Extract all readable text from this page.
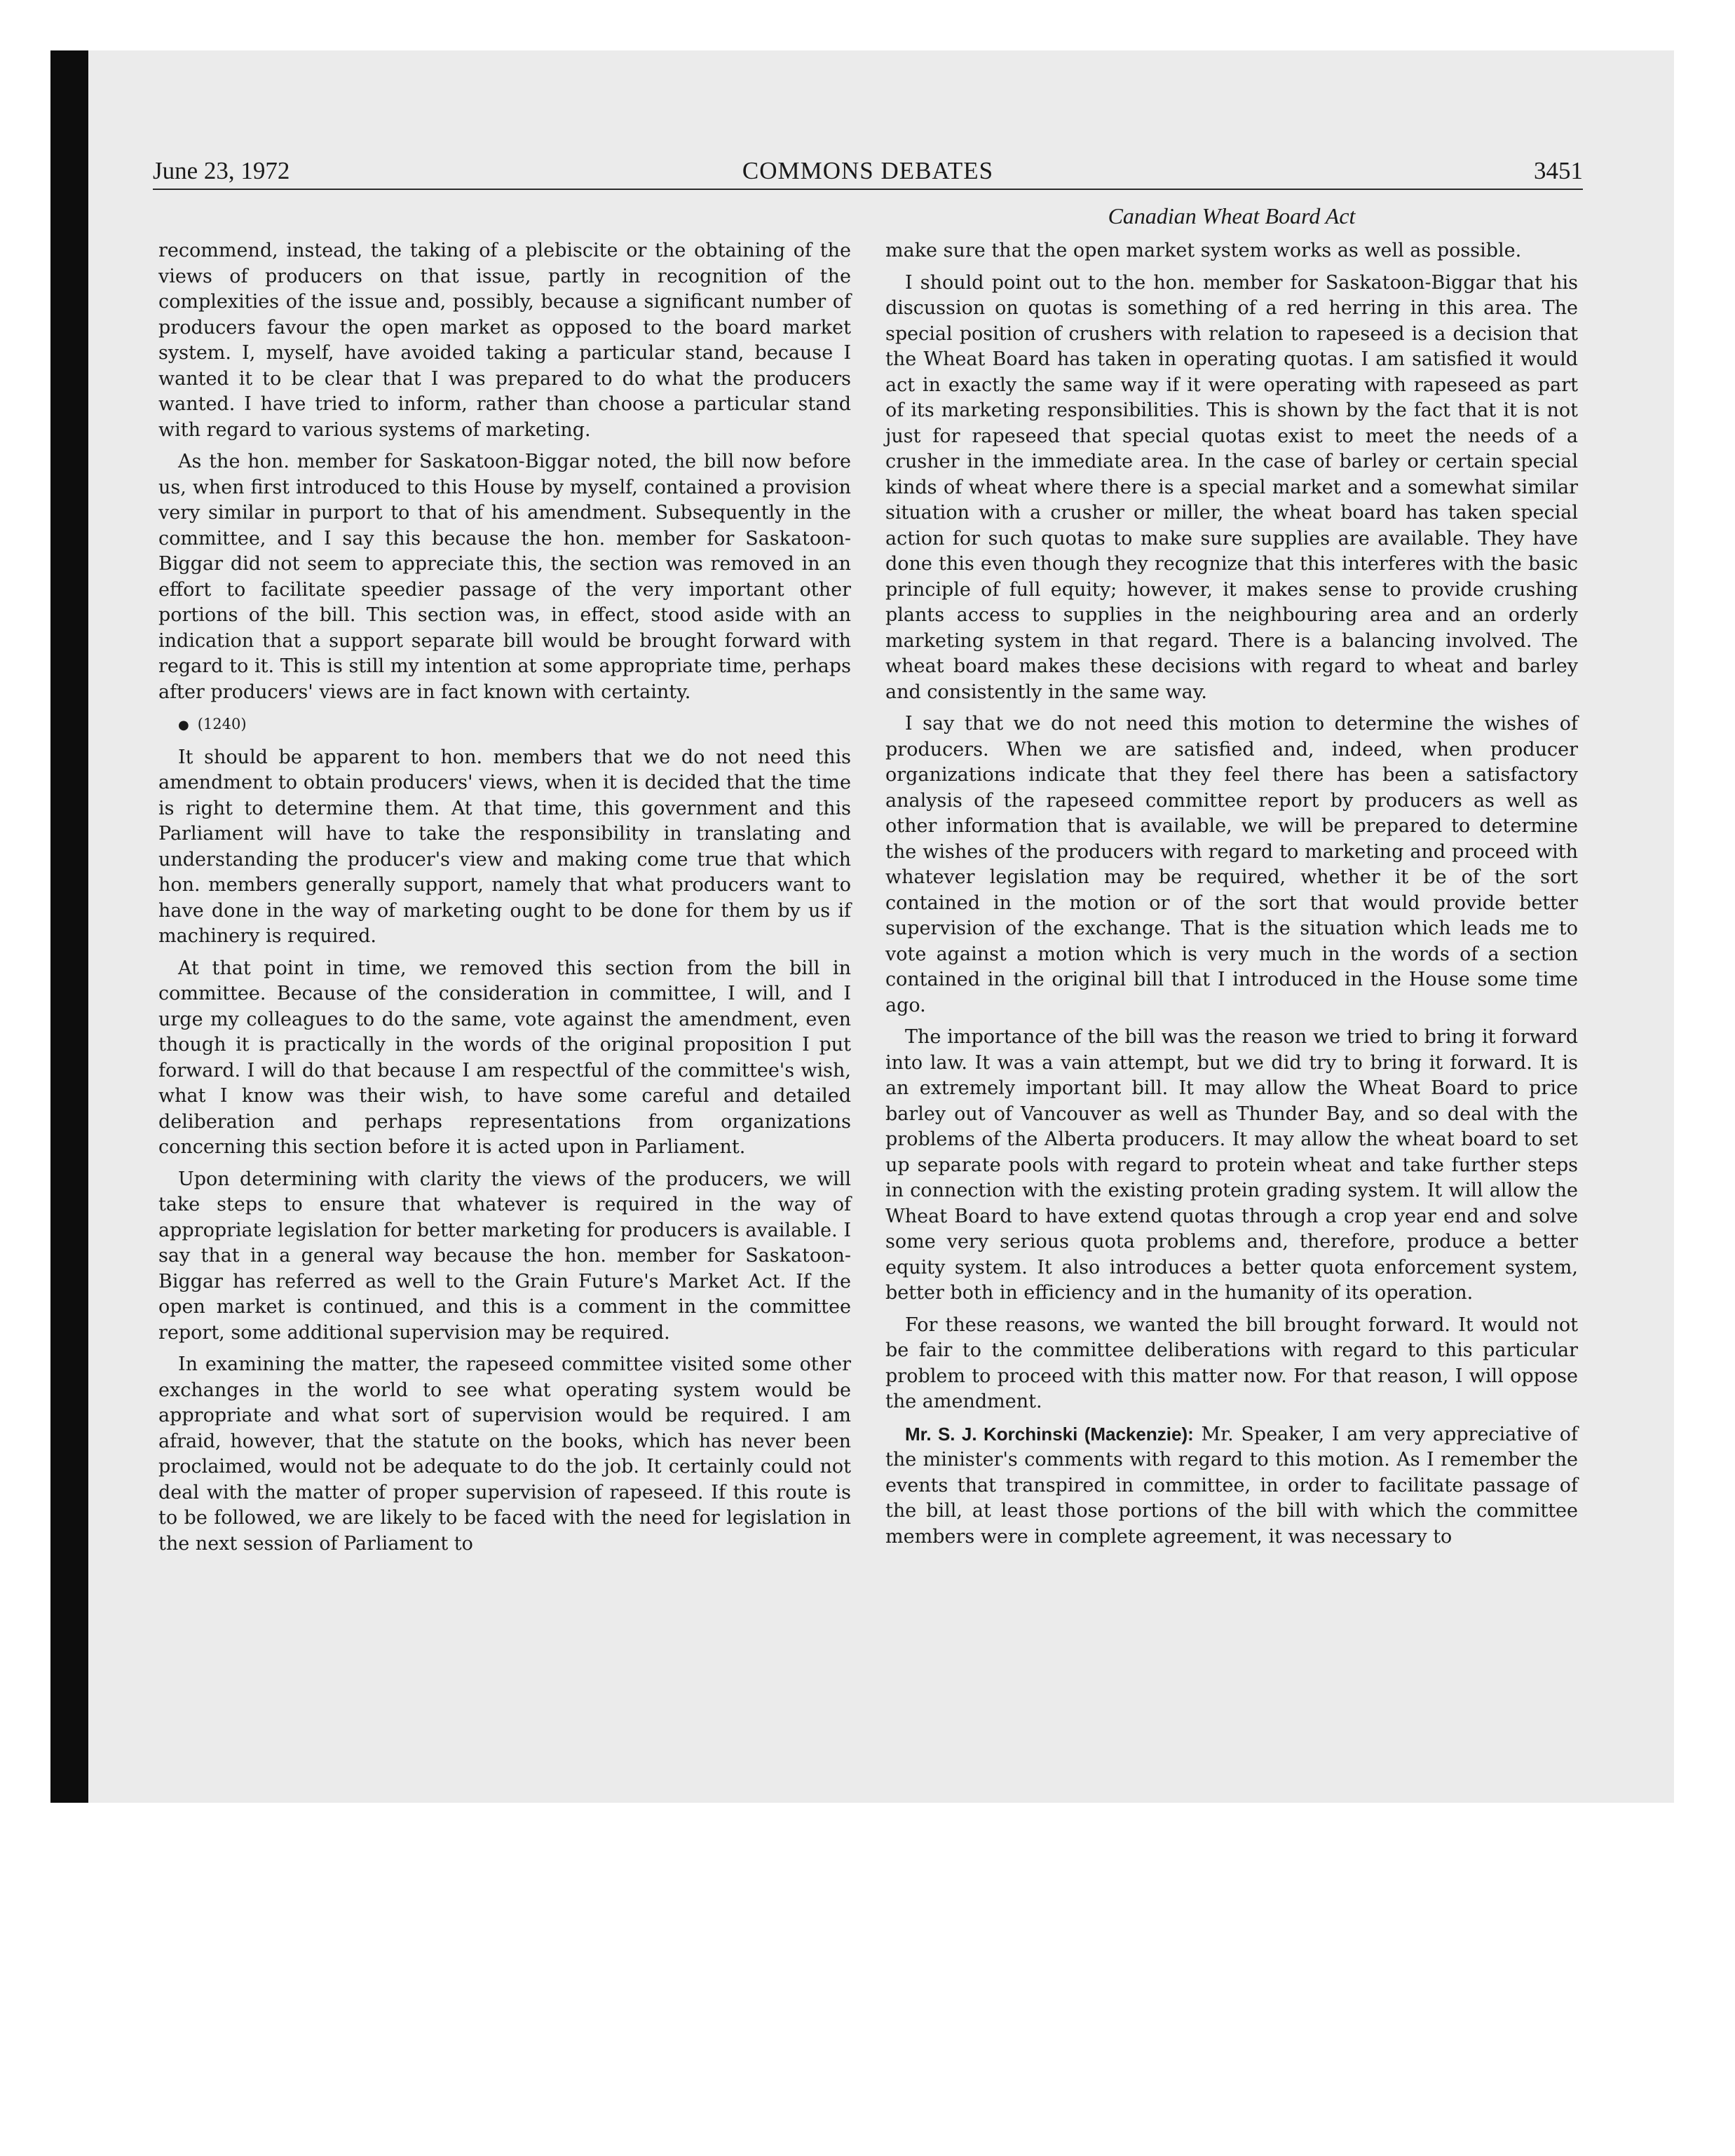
June 23, 1972	COMMONS DEBATES	3451
Canadian Wheat Board Act

recommend, instead, the taking of a plebiscite or the obtaining of the views of producers on that issue, partly in recognition of the complexities of the issue and, possibly, because a significant number of producers favour the open market as opposed to the board market system. I, myself, have avoided taking a particular stand, because I wanted it to be clear that I was prepared to do what the producers wanted. I have tried to inform, rather than choose a particular stand with regard to various systems of marketing.

As the hon. member for Saskatoon-Biggar noted, the bill now before us, when first introduced to this House by myself, contained a provision very similar in purport to that of his amendment. Subsequently in the committee, and I say this because the hon. member for Saskatoon-Biggar did not seem to appreciate this, the section was removed in an effort to facilitate speedier passage of the very important other portions of the bill. This section was, in effect, stood aside with an indication that a support separate bill would be brought forward with regard to it. This is still my intention at some appropriate time, perhaps after producers' views are in fact known with certainty.

● (1240)

It should be apparent to hon. members that we do not need this amendment to obtain producers' views, when it is decided that the time is right to determine them. At that time, this government and this Parliament will have to take the responsibility in translating and understanding the producer's view and making come true that which hon. members generally support, namely that what producers want to have done in the way of marketing ought to be done for them by us if machinery is required.

At that point in time, we removed this section from the bill in committee. Because of the consideration in committee, I will, and I urge my colleagues to do the same, vote against the amendment, even though it is practically in the words of the original proposition I put forward. I will do that because I am respectful of the committee's wish, what I know was their wish, to have some careful and detailed deliberation and perhaps representations from organizations concerning this section before it is acted upon in Parliament.

Upon determining with clarity the views of the producers, we will take steps to ensure that whatever is required in the way of appropriate legislation for better marketing for producers is available. I say that in a general way because the hon. member for Saskatoon-Biggar has referred as well to the Grain Future's Market Act. If the open market is continued, and this is a comment in the committee report, some additional supervision may be required.

In examining the matter, the rapeseed committee visited some other exchanges in the world to see what operating system would be appropriate and what sort of supervision would be required. I am afraid, however, that the statute on the books, which has never been proclaimed, would not be adequate to do the job. It certainly could not deal with the matter of proper supervision of rapeseed. If this route is to be followed, we are likely to be faced with the need for legislation in the next session of Parliament to

make sure that the open market system works as well as possible.

I should point out to the hon. member for Saskatoon-Biggar that his discussion on quotas is something of a red herring in this area. The special position of crushers with relation to rapeseed is a decision that the Wheat Board has taken in operating quotas. I am satisfied it would act in exactly the same way if it were operating with rapeseed as part of its marketing responsibilities. This is shown by the fact that it is not just for rapeseed that special quotas exist to meet the needs of a crusher in the immediate area. In the case of barley or certain special kinds of wheat where there is a special market and a somewhat similar situation with a crusher or miller, the wheat board has taken special action for such quotas to make sure supplies are available. They have done this even though they recognize that this interferes with the basic principle of full equity; however, it makes sense to provide crushing plants access to supplies in the neighbouring area and an orderly marketing system in that regard. There is a balancing involved. The wheat board makes these decisions with regard to wheat and barley and consistently in the same way.

I say that we do not need this motion to determine the wishes of producers. When we are satisfied and, indeed, when producer organizations indicate that they feel there has been a satisfactory analysis of the rapeseed committee report by producers as well as other information that is available, we will be prepared to determine the wishes of the producers with regard to marketing and proceed with whatever legislation may be required, whether it be of the sort contained in the motion or of the sort that would provide better supervision of the exchange. That is the situation which leads me to vote against a motion which is very much in the words of a section contained in the original bill that I introduced in the House some time ago.

The importance of the bill was the reason we tried to bring it forward into law. It was a vain attempt, but we did try to bring it forward. It is an extremely important bill. It may allow the Wheat Board to price barley out of Vancouver as well as Thunder Bay, and so deal with the problems of the Alberta producers. It may allow the wheat board to set up separate pools with regard to protein wheat and take further steps in connection with the existing protein grading system. It will allow the Wheat Board to have extend quotas through a crop year end and solve some very serious quota problems and, therefore, produce a better equity system. It also introduces a better quota enforcement system, better both in efficiency and in the humanity of its operation.

For these reasons, we wanted the bill brought forward. It would not be fair to the committee deliberations with regard to this particular problem to proceed with this matter now. For that reason, I will oppose the amendment.

Mr. S. J. Korchinski (Mackenzie): Mr. Speaker, I am very appreciative of the minister's comments with regard to this motion. As I remember the events that transpired in committee, in order to facilitate passage of the bill, at least those portions of the bill with which the committee members were in complete agreement, it was necessary to
